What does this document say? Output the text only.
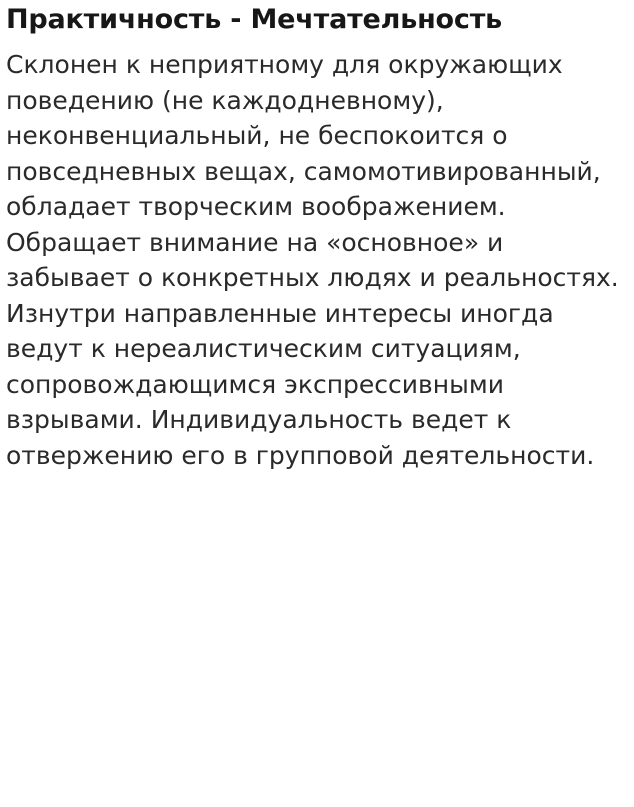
Практичность - Мечтательность

Склонен к неприятному для окружающих поведению (не каждодневному), неконвенциальный, не беспокоится о повседневных вещах, самомотивированный, обладает творческим воображением. Обращает внимание на «основное» и забывает о конкретных людях и реальностях. Изнутри направленные интересы иногда ведут к нереалистическим ситуациям, сопровождающимся экспрессивными взрывами. Индивидуальность ведет к отвержению его в групповой деятельности.
